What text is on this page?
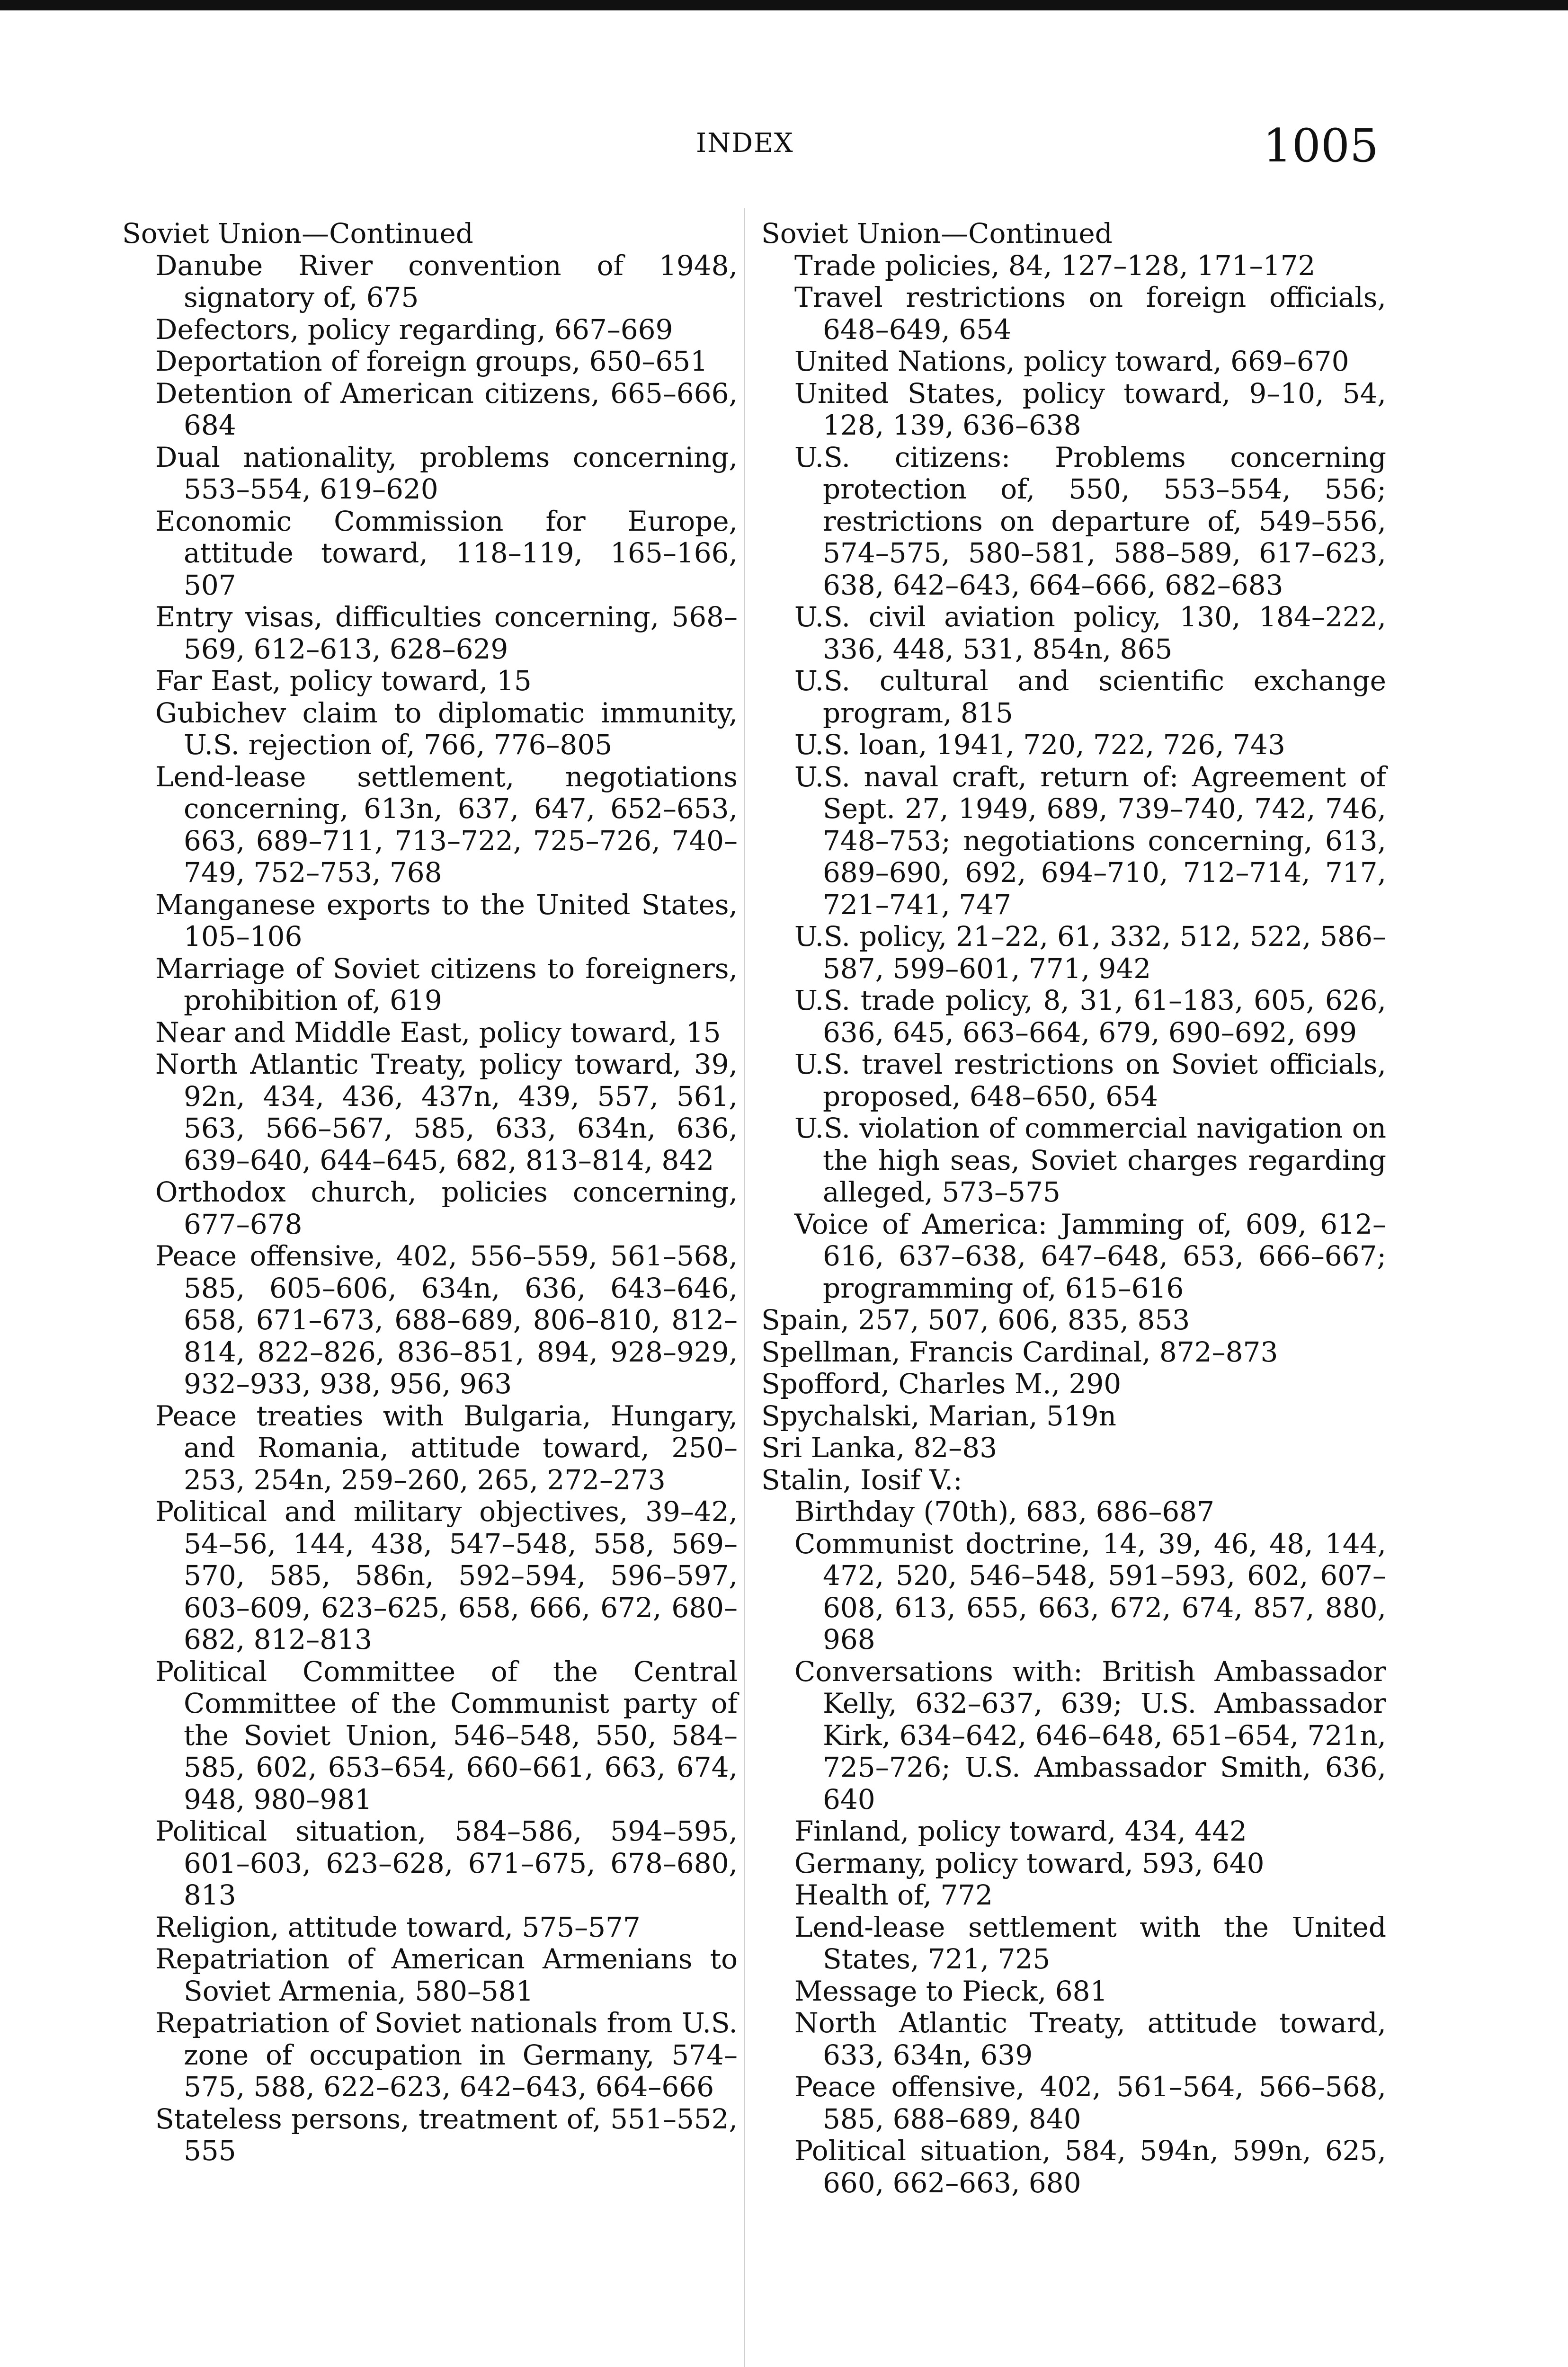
INDEX	1005
Soviet Union—Continued
Danube River convention of 1948, signatory of, 675
Defectors, policy regarding, 667–669
Deportation of foreign groups, 650–651
Detention of American citizens, 665–666, 684
Dual nationality, problems concerning, 553–554, 619–620
Economic Commission for Europe, attitude toward, 118–119, 165–166, 507
Entry visas, difficulties concerning, 568–569, 612–613, 628–629
Far East, policy toward, 15
Gubichev claim to diplomatic immunity, U.S. rejection of, 766, 776–805
Lend-lease settlement, negotiations concerning, 613n, 637, 647, 652–653, 663, 689–711, 713–722, 725–726, 740–749, 752–753, 768
Manganese exports to the United States, 105–106
Marriage of Soviet citizens to foreigners, prohibition of, 619
Near and Middle East, policy toward, 15
North Atlantic Treaty, policy toward, 39, 92n, 434, 436, 437n, 439, 557, 561, 563, 566–567, 585, 633, 634n, 636, 639–640, 644–645, 682, 813–814, 842
Orthodox church, policies concerning, 677–678
Peace offensive, 402, 556–559, 561–568, 585, 605–606, 634n, 636, 643–646, 658, 671–673, 688–689, 806–810, 812–814, 822–826, 836–851, 894, 928–929, 932–933, 938, 956, 963
Peace treaties with Bulgaria, Hungary, and Romania, attitude toward, 250–253, 254n, 259–260, 265, 272–273
Political and military objectives, 39–42, 54–56, 144, 438, 547–548, 558, 569–570, 585, 586n, 592–594, 596–597, 603–609, 623–625, 658, 666, 672, 680–682, 812–813
Political Committee of the Central Committee of the Communist party of the Soviet Union, 546–548, 550, 584–585, 602, 653–654, 660–661, 663, 674, 948, 980–981
Political situation, 584–586, 594–595, 601–603, 623–628, 671–675, 678–680, 813
Religion, attitude toward, 575–577
Repatriation of American Armenians to Soviet Armenia, 580–581
Repatriation of Soviet nationals from U.S. zone of occupation in Germany, 574–575, 588, 622–623, 642–643, 664–666
Stateless persons, treatment of, 551–552, 555
Soviet Union—Continued
Trade policies, 84, 127–128, 171–172
Travel restrictions on foreign officials, 648–649, 654
United Nations, policy toward, 669–670
United States, policy toward, 9–10, 54, 128, 139, 636–638
U.S. citizens: Problems concerning protection of, 550, 553–554, 556; restrictions on departure of, 549–556, 574–575, 580–581, 588–589, 617–623, 638, 642–643, 664–666, 682–683
U.S. civil aviation policy, 130, 184–222, 336, 448, 531, 854n, 865
U.S. cultural and scientific exchange program, 815
U.S. loan, 1941, 720, 722, 726, 743
U.S. naval craft, return of: Agreement of Sept. 27, 1949, 689, 739–740, 742, 746, 748–753; negotiations concerning, 613, 689–690, 692, 694–710, 712–714, 717, 721–741, 747
U.S. policy, 21–22, 61, 332, 512, 522, 586–587, 599–601, 771, 942
U.S. trade policy, 8, 31, 61–183, 605, 626, 636, 645, 663–664, 679, 690–692, 699
U.S. travel restrictions on Soviet officials, proposed, 648–650, 654
U.S. violation of commercial navigation on the high seas, Soviet charges regarding alleged, 573–575
Voice of America: Jamming of, 609, 612–616, 637–638, 647–648, 653, 666–667; programming of, 615–616
Spain, 257, 507, 606, 835, 853
Spellman, Francis Cardinal, 872–873
Spofford, Charles M., 290
Spychalski, Marian, 519n
Sri Lanka, 82–83
Stalin, Iosif V.:
Birthday (70th), 683, 686–687
Communist doctrine, 14, 39, 46, 48, 144, 472, 520, 546–548, 591–593, 602, 607–608, 613, 655, 663, 672, 674, 857, 880, 968
Conversations with: British Ambassador Kelly, 632–637, 639; U.S. Ambassador Kirk, 634–642, 646–648, 651–654, 721n, 725–726; U.S. Ambassador Smith, 636, 640
Finland, policy toward, 434, 442
Germany, policy toward, 593, 640
Health of, 772
Lend-lease settlement with the United States, 721, 725
Message to Pieck, 681
North Atlantic Treaty, attitude toward, 633, 634n, 639
Peace offensive, 402, 561–564, 566–568, 585, 688–689, 840
Political situation, 584, 594n, 599n, 625, 660, 662–663, 680
